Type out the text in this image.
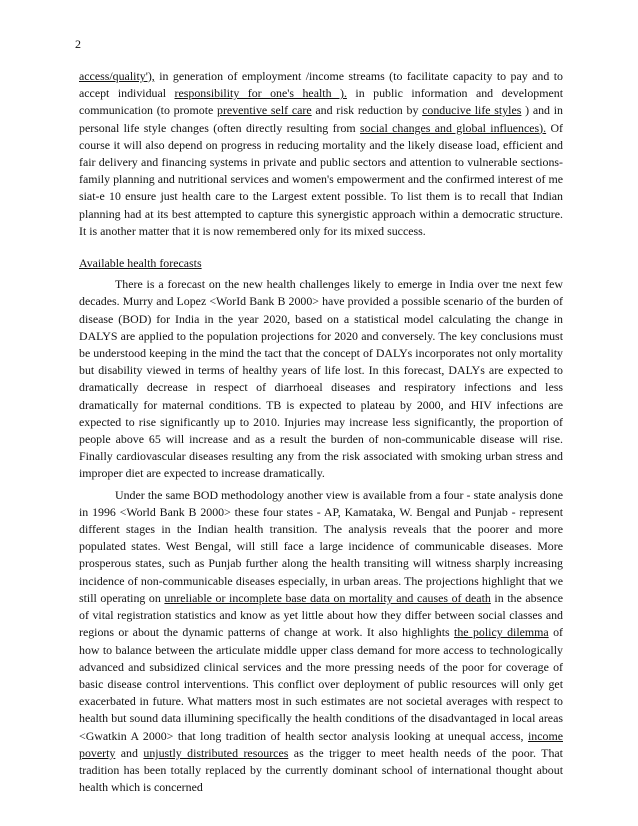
2

access/quality'), in generation of employment /income streams (to facilitate capacity to pay and to accept individual responsibility for one's health ). in public information and development communication (to promote preventive self care and risk reduction by conducive life styles ) and in personal life style changes (often directly resulting from social changes and global influences). Of course it will also depend on progress in reducing mortality and the likely disease load, efficient and fair delivery and financing systems in private and public sectors and attention to vulnerable sections- family planning and nutritional services and women's empowerment and the confirmed interest of me siat-e 10 ensure just health care to the Largest extent possible. To list them is to recall that Indian planning had at its best attempted to capture this synergistic approach within a democratic structure. It is another matter that it is now remembered only for its mixed success.

Available health forecasts

There is a forecast on the new health challenges likely to emerge in India over tne next few decades. Murry and Lopez <WorId Bank B 2000> have provided a possible scenario of the burden of disease (BOD) for India in the year 2020, based on a statistical model calculating the change in DALYS are applied to the population projections for 2020 and conversely. The key conclusions must be understood keeping in the mind the tact that the concept of DALYs incorporates not only mortality but disability viewed in terms of healthy years of life lost. In this forecast, DALYs are expected to dramatically decrease in respect of diarrhoeal diseases and respiratory infections and less dramatically for maternal conditions. TB is expected to plateau by 2000, and HIV infections are expected to rise significantly up to 2010. Injuries may increase less significantly, the proportion of people above 65 will increase and as a result the burden of non-communicable disease will rise. Finally cardiovascular diseases resulting any from the risk associated with smoking urban stress and improper diet are expected to increase dramatically.

Under the same BOD methodology another view is available from a four - state analysis done in 1996 <World Bank B 2000> these four states - AP, Kamataka, W. Bengal and Punjab - represent different stages in the Indian health transition. The analysis reveals that the poorer and more populated states. West Bengal, will still face a large incidence of communicable diseases. More prosperous states, such as Punjab further along the health transiting will witness sharply increasing incidence of non-communicable diseases especially, in urban areas. The projections highlight that we still operating on unreliable or incomplete base data on mortality and causes of death in the absence of vital registration statistics and know as yet little about how they differ between social classes and regions or about the dynamic patterns of change at work. It also highlights the policy dilemma of how to balance between the articulate middle upper class demand for more access to technologically advanced and subsidized clinical services and the more pressing needs of the poor for coverage of basic disease control interventions. This conflict over deployment of public resources will only get exacerbated in future. What matters most in such estimates are not societal averages with respect to health but sound data illumining specifically the health conditions of the disadvantaged in local areas <Gwatkin A 2000> that long tradition of health sector analysis looking at unequal access, income poverty and unjustly distributed resources as the trigger to meet health needs of the poor. That tradition has been totally replaced by the currently dominant school of international thought about health which is concerned
